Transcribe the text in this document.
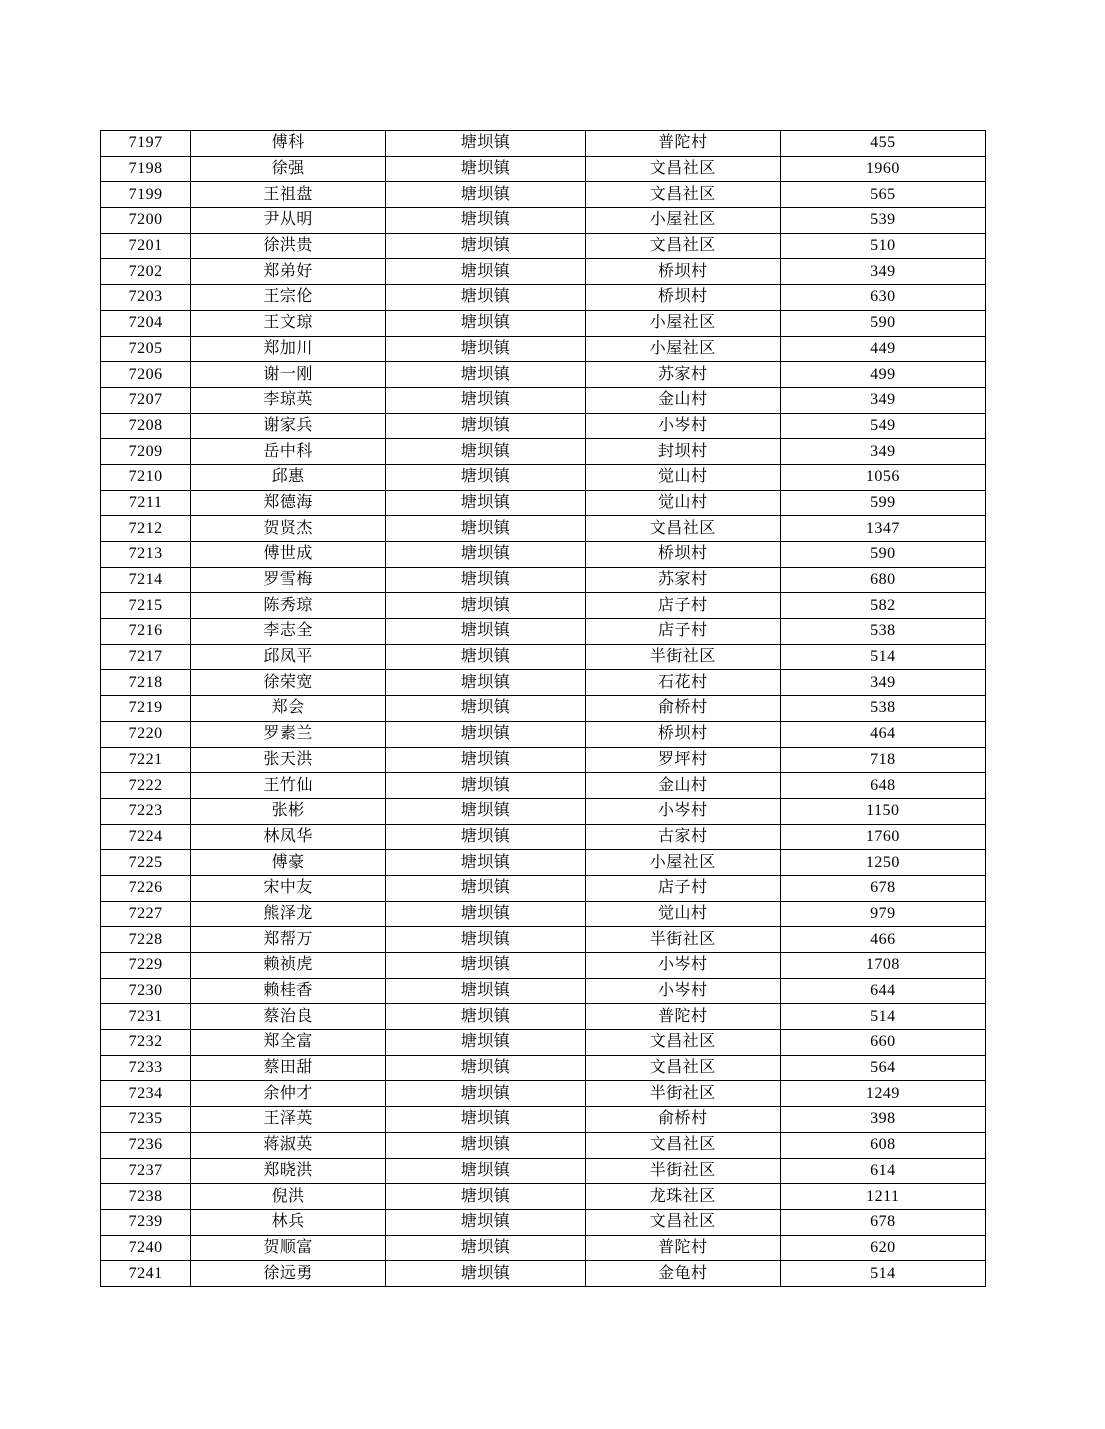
7197	傅科	塘坝镇	普陀村	455
7198	徐强	塘坝镇	文昌社区	1960
7199	王祖盘	塘坝镇	文昌社区	565
7200	尹从明	塘坝镇	小屋社区	539
7201	徐洪贵	塘坝镇	文昌社区	510
7202	郑弟好	塘坝镇	桥坝村	349
7203	王宗伦	塘坝镇	桥坝村	630
7204	王文琼	塘坝镇	小屋社区	590
7205	郑加川	塘坝镇	小屋社区	449
7206	谢一刚	塘坝镇	苏家村	499
7207	李琼英	塘坝镇	金山村	349
7208	谢家兵	塘坝镇	小岑村	549
7209	岳中科	塘坝镇	封坝村	349
7210	邱惠	塘坝镇	觉山村	1056
7211	郑德海	塘坝镇	觉山村	599
7212	贺贤杰	塘坝镇	文昌社区	1347
7213	傅世成	塘坝镇	桥坝村	590
7214	罗雪梅	塘坝镇	苏家村	680
7215	陈秀琼	塘坝镇	店子村	582
7216	李志全	塘坝镇	店子村	538
7217	邱凤平	塘坝镇	半街社区	514
7218	徐荣宽	塘坝镇	石花村	349
7219	郑会	塘坝镇	俞桥村	538
7220	罗素兰	塘坝镇	桥坝村	464
7221	张天洪	塘坝镇	罗坪村	718
7222	王竹仙	塘坝镇	金山村	648
7223	张彬	塘坝镇	小岑村	1150
7224	林凤华	塘坝镇	古家村	1760
7225	傅豪	塘坝镇	小屋社区	1250
7226	宋中友	塘坝镇	店子村	678
7227	熊泽龙	塘坝镇	觉山村	979
7228	郑帮万	塘坝镇	半街社区	466
7229	赖祯虎	塘坝镇	小岑村	1708
7230	赖桂香	塘坝镇	小岑村	644
7231	蔡治良	塘坝镇	普陀村	514
7232	郑全富	塘坝镇	文昌社区	660
7233	蔡田甜	塘坝镇	文昌社区	564
7234	余仲才	塘坝镇	半街社区	1249
7235	王泽英	塘坝镇	俞桥村	398
7236	蒋淑英	塘坝镇	文昌社区	608
7237	郑晓洪	塘坝镇	半街社区	614
7238	倪洪	塘坝镇	龙珠社区	1211
7239	林兵	塘坝镇	文昌社区	678
7240	贺顺富	塘坝镇	普陀村	620
7241	徐远勇	塘坝镇	金龟村	514
